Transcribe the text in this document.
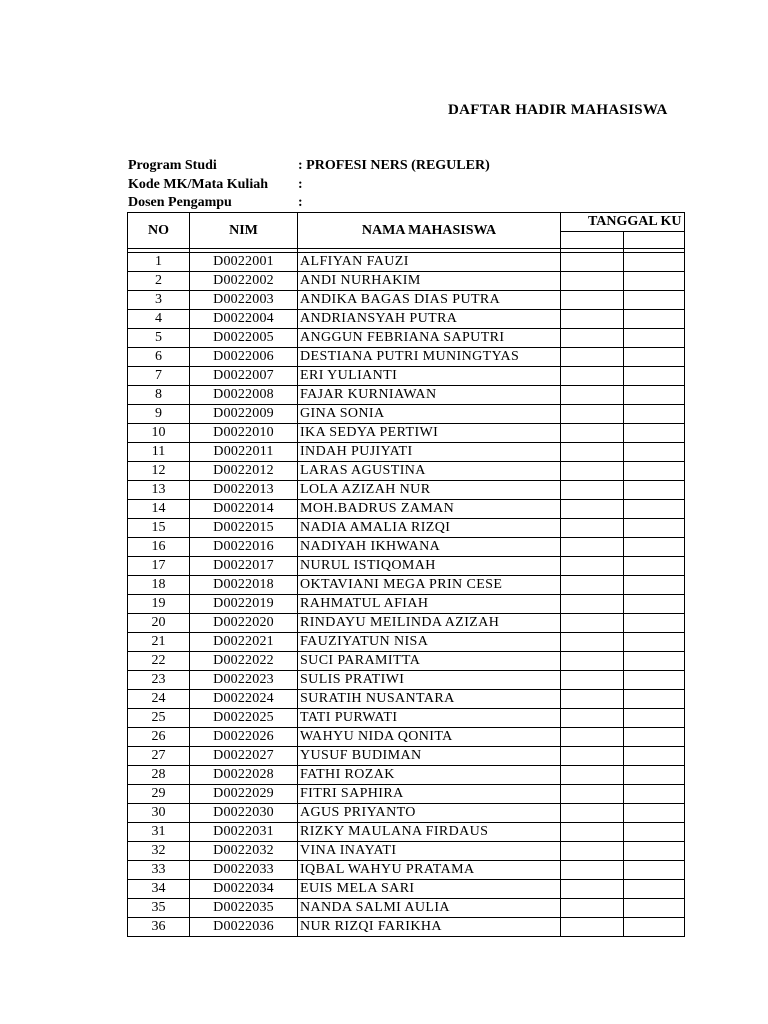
DAFTAR HADIR MAHASISWA
Program Studi	: PROFESI NERS (REGULER)
Kode MK/Mata Kuliah :
Dosen Pengampu	:
NO	NIM	NAMA MAHASISWA	TANGGAL KU	

1	D0022001	ALFIYAN FAUZI		
2	D0022002	ANDI NURHAKIM		
3	D0022003	ANDIKA BAGAS DIAS PUTRA		
4	D0022004	ANDRIANSYAH PUTRA		
5	D0022005	ANGGUN FEBRIANA SAPUTRI		
6	D0022006	DESTIANA PUTRI MUNINGTYAS		
7	D0022007	ERI YULIANTI		
8	D0022008	FAJAR KURNIAWAN		
9	D0022009	GINA SONIA		
10	D0022010	IKA SEDYA PERTIWI		
11	D0022011	INDAH PUJIYATI		
12	D0022012	LARAS AGUSTINA		
13	D0022013	LOLA AZIZAH NUR		
14	D0022014	MOH.BADRUS ZAMAN		
15	D0022015	NADIA AMALIA RIZQI		
16	D0022016	NADIYAH IKHWANA		
17	D0022017	NURUL ISTIQOMAH		
18	D0022018	OKTAVIANI MEGA PRIN CESE		
19	D0022019	RAHMATUL AFIAH		
20	D0022020	RINDAYU MEILINDA AZIZAH		
21	D0022021	FAUZIYATUN NISA		
22	D0022022	SUCI PARAMITTA		
23	D0022023	SULIS PRATIWI		
24	D0022024	SURATIH NUSANTARA		
25	D0022025	TATI PURWATI		
26	D0022026	WAHYU NIDA QONITA		
27	D0022027	YUSUF BUDIMAN		
28	D0022028	FATHI ROZAK		
29	D0022029	FITRI SAPHIRA		
30	D0022030	AGUS PRIYANTO		
31	D0022031	RIZKY MAULANA FIRDAUS		
32	D0022032	VINA INAYATI		
33	D0022033	IQBAL WAHYU PRATAMA		
34	D0022034	EUIS MELA SARI		
35	D0022035	NANDA SALMI AULIA		
36	D0022036	NUR RIZQI FARIKHA		
